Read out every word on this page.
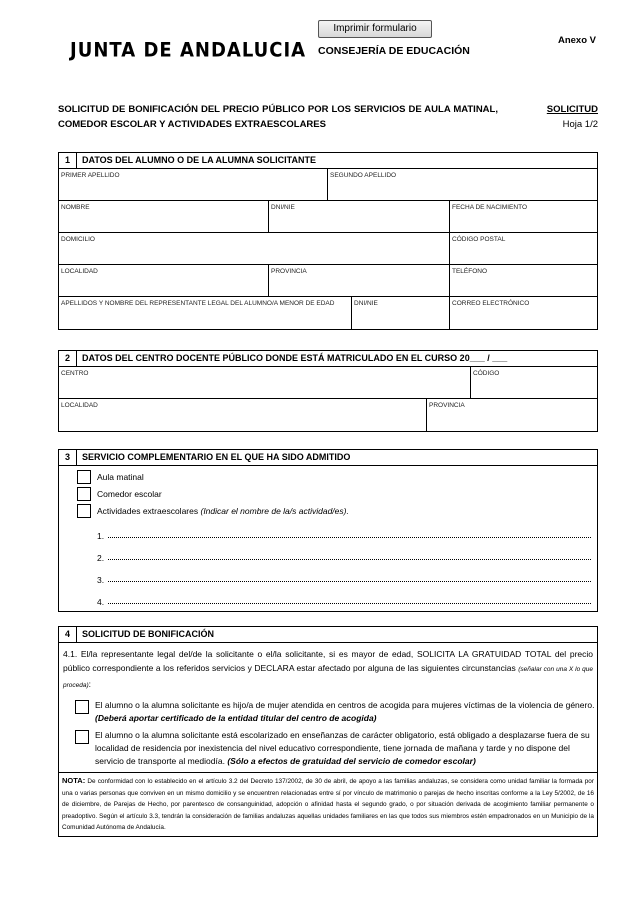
Imprimir formulario
JUNTA DE ANDALUCIA CONSEJERÍA DE EDUCACIÓN
Anexo V
SOLICITUD DE BONIFICACIÓN DEL PRECIO PÚBLICO POR LOS SERVICIOS DE AULA MATINAL, COMEDOR ESCOLAR Y ACTIVIDADES EXTRAESCOLARES
SOLICITUD
Hoja 1/2
1	DATOS DEL ALUMNO O DE LA ALUMNA SOLICITANTE
PRIMER APELLIDO	SEGUNDO APELLIDO
NOMBRE	DNI/NIE	FECHA DE NACIMIENTO
DOMICILIO	CÓDIGO POSTAL
LOCALIDAD	PROVINCIA	TELÉFONO
APELLIDOS Y NOMBRE DEL REPRESENTANTE LEGAL DEL ALUMNO/A MENOR DE EDAD	DNI/NIE	CORREO ELECTRÓNICO
2	DATOS DEL CENTRO DOCENTE PÚBLICO DONDE ESTÁ MATRICULADO EN EL CURSO 20___ / ___
CENTRO	CÓDIGO
LOCALIDAD	PROVINCIA
3	SERVICIO COMPLEMENTARIO EN EL QUE HA SIDO ADMITIDO
Aula matinal
Comedor escolar
Actividades extraescolares
(Indicar el nombre de la/s actividad/es).
1.
2.
3.
4.
4	SOLICITUD DE BONIFICACIÓN
4.1. El/la representante legal del/de la solicitante o el/la solicitante, si es mayor de edad, SOLICITA LA GRATUIDAD TOTAL del precio público correspondiente a los referidos servicios y DECLARA estar afectado por alguna de las siguientes circunstancias (señalar con una X lo que proceda):
El alumno o la alumna solicitante es hijo/a de mujer atendida en centros de acogida para mujeres víctimas de la violencia de género. (Deberá aportar certificado de la entidad titular del centro de acogida)
El alumno o la alumna solicitante está escolarizado en enseñanzas de carácter obligatorio, está obligado a desplazarse fuera de su localidad de residencia por inexistencia del nivel educativo correspondiente, tiene jornada de mañana y tarde y no dispone del servicio de transporte al mediodía. (Sólo a efectos de gratuidad del servicio de comedor escolar)
NOTA: De conformidad con lo establecido en el artículo 3.2 del Decreto 137/2002, de 30 de abril, de apoyo a las familias andaluzas, se considera como unidad familiar la formada por una o varias personas que conviven en un mismo domicilio y se encuentren relacionadas entre sí por vínculo de matrimonio o parejas de hecho inscritas conforme a la Ley 5/2002, de 16 de diciembre, de Parejas de Hecho, por parentesco de consanguinidad, adopción o afinidad hasta el segundo grado, o por situación derivada de acogimiento familiar permanente o preadoptivo. Según el artículo 3.3, tendrán la consideración de familias andaluzas aquellas unidades familiares en las que todos sus miembros estén empadronados en un Municipio de la Comunidad Autónoma de Andalucía.
